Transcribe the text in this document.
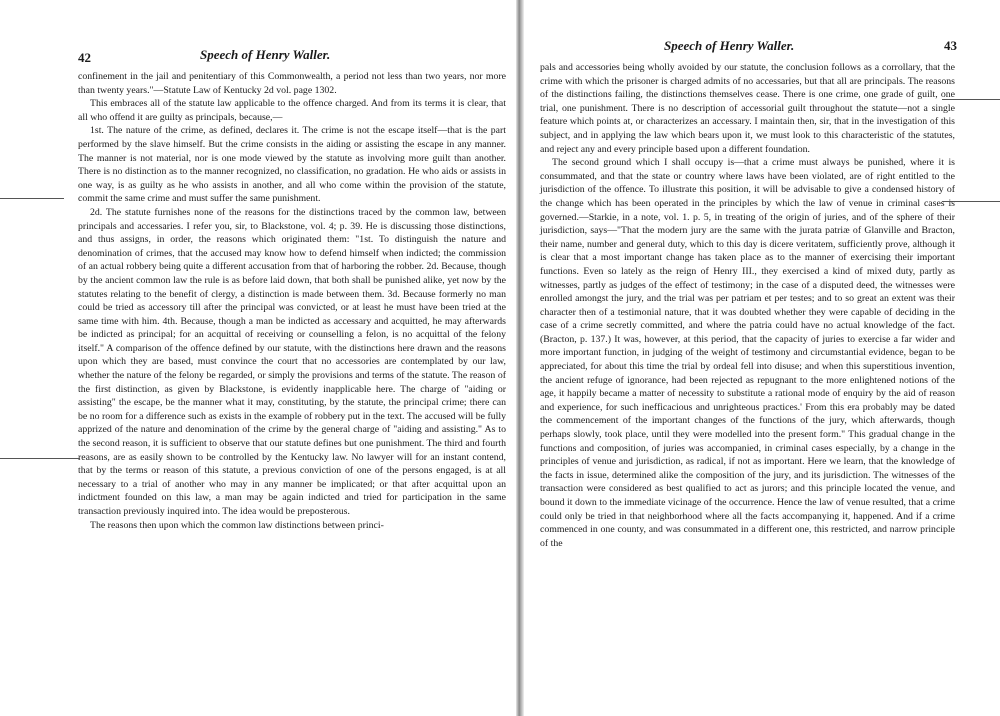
42	Speech of Henry Waller.

confinement in the jail and penitentiary of this Commonwealth, a period not less than two years, nor more than twenty years."—Statute Law of Kentucky 2d vol. page 1302.

This embraces all of the statute law applicable to the offence charged. And from its terms it is clear, that all who offend it are guilty as principals, because,—

1st. The nature of the crime, as defined, declares it. The crime is not the escape itself—that is the part performed by the slave himself. But the crime consists in the aiding or assisting the escape in any manner. The manner is not material, nor is one mode viewed by the statute as involving more guilt than another. There is no distinction as to the manner recognized, no classification, no gradation. He who aids or assists in one way, is as guilty as he who assists in another, and all who come within the provision of the statute, commit the same crime and must suffer the same punishment.

2d. The statute furnishes none of the reasons for the distinctions traced by the common law, between principals and accessaries. I refer you, sir, to Blackstone, vol. 4; p. 39. He is discussing those distinctions, and thus assigns, in order, the reasons which originated them: "1st. To distinguish the nature and denomination of crimes, that the accused may know how to defend himself when indicted; the commission of an actual robbery being quite a different accusation from that of harboring the robber. 2d. Because, though by the ancient common law the rule is as before laid down, that both shall be punished alike, yet now by the statutes relating to the benefit of clergy, a distinction is made between them. 3d. Because formerly no man could be tried as accessory till after the principal was convicted, or at least he must have been tried at the same time with him. 4th. Because, though a man be indicted as accessary and acquitted, he may afterwards be indicted as principal; for an acquittal of receiving or counselling a felon, is no acquittal of the felony itself." A comparison of the offence defined by our statute, with the distinctions here drawn and the reasons upon which they are based, must convince the court that no accessories are contemplated by our law, whether the nature of the felony be regarded, or simply the provisions and terms of the statute. The reason of the first distinction, as given by Blackstone, is evidently inapplicable here. The charge of "aiding or assisting" the escape, be the manner what it may, constituting, by the statute, the principal crime; there can be no room for a difference such as exists in the example of robbery put in the text. The accused will be fully apprized of the nature and denomination of the crime by the general charge of "aiding and assisting." As to the second reason, it is sufficient to observe that our statute defines but one punishment. The third and fourth reasons, are as easily shown to be controlled by the Kentucky law. No lawyer will for an instant contend, that by the terms or reason of this statute, a previous conviction of one of the persons engaged, is at all necessary to a trial of another who may in any manner be implicated; or that after acquittal upon an indictment founded on this law, a man may be again indicted and tried for participation in the same transaction previously inquired into. The idea would be preposterous.

The reasons then upon which the common law distinctions between princi-

Speech of Henry Waller.	43

pals and accessories being wholly avoided by our statute, the conclusion follows as a corrollary, that the crime with which the prisoner is charged admits of no accessaries, but that all are principals. The reasons of the distinctions failing, the distinctions themselves cease. There is one crime, one grade of guilt, one trial, one punishment. There is no description of accessorial guilt throughout the statute—not a single feature which points at, or characterizes an accessary. I maintain then, sir, that in the investigation of this subject, and in applying the law which bears upon it, we must look to this characteristic of the statutes, and reject any and every principle based upon a different foundation.

The second ground which I shall occupy is—that a crime must always be punished, where it is consummated, and that the state or country where laws have been violated, are of right entitled to the jurisdiction of the offence. To illustrate this position, it will be advisable to give a condensed history of the change which has been operated in the principles by which the law of venue in criminal cases is governed.—Starkie, in a note, vol. 1. p. 5, in treating of the origin of juries, and of the sphere of their jurisdiction, says—"That the modern jury are the same with the jurata patriæ of Glanville and Bracton, their name, number and general duty, which to this day is dicere veritatem, sufficiently prove, although it is clear that a most important change has taken place as to the manner of exercising their important functions. Even so lately as the reign of Henry III., they exercised a kind of mixed duty, partly as witnesses, partly as judges of the effect of testimony; in the case of a disputed deed, the witnesses were enrolled amongst the jury, and the trial was per patriam et per testes; and to so great an extent was their character then of a testimonial nature, that it was doubted whether they were capable of deciding in the case of a crime secretly committed, and where the patria could have no actual knowledge of the fact. (Bracton, p. 137.) It was, however, at this period, that the capacity of juries to exercise a far wider and more important function, in judging of the weight of testimony and circumstantial evidence, began to be appreciated, for about this time the trial by ordeal fell into disuse; and when this superstitious invention, the ancient refuge of ignorance, had been rejected as repugnant to the more enlightened notions of the age, it happily became a matter of necessity to substitute a rational mode of enquiry by the aid of reason and experience, for such inefficacious and unrighteous practices.' From this era probably may be dated the commencement of the important changes of the functions of the jury, which afterwards, though perhaps slowly, took place, until they were modelled into the present form." This gradual change in the functions and composition, of juries was accompanied, in criminal cases especially, by a change in the principles of venue and jurisdiction, as radical, if not as important. Here we learn, that the knowledge of the facts in issue, determined alike the composition of the jury, and its jurisdiction. The witnesses of the transaction were considered as best qualified to act as jurors; and this principle located the venue, and bound it down to the immediate vicinage of the occurrence. Hence the law of venue resulted, that a crime could only be tried in that neighborhood where all the facts accompanying it, happened. And if a crime commenced in one county, and was consummated in a different one, this restricted, and narrow principle of the
